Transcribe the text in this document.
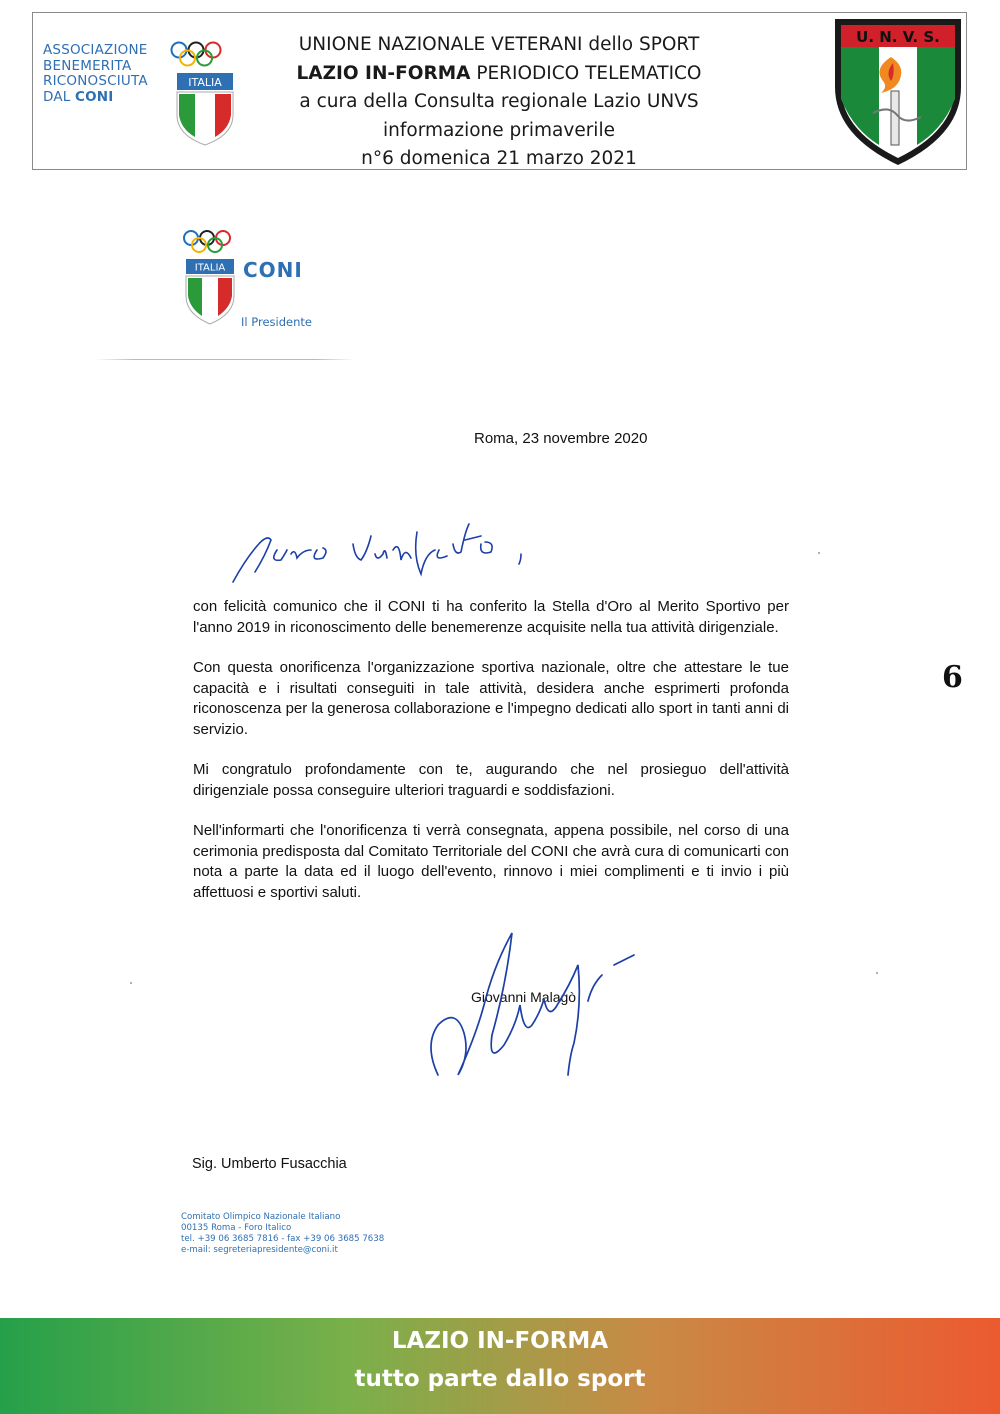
ASSOCIAZIONE
BENEMERITA
RICONOSCIUTA
DAL CONI
ITALIA
UNIONE NAZIONALE VETERANI dello SPORT
LAZIO IN-FORMA PERIODICO TELEMATICO
a cura della Consulta regionale Lazio UNVS
informazione primaverile
n°6 domenica 21 marzo 2021
U. N. V. S.
ITALIA CONI
Il Presidente
Roma, 23 novembre 2020

con felicità comunico che il CONI ti ha conferito la Stella d'Oro al Merito Sportivo per l'anno 2019 in riconoscimento delle benemerenze acquisite nella tua attività dirigenziale.

Con questa onorificenza l'organizzazione sportiva nazionale, oltre che attestare le tue capacità e i risultati conseguiti in tale attività, desidera anche esprimerti profonda riconoscenza per la generosa collaborazione e l'impegno dedicati allo sport in tanti anni di servizio.

Mi congratulo profondamente con te, augurando che nel prosieguo dell'attività dirigenziale possa conseguire ulteriori traguardi e soddisfazioni.

Nell'informarti che l'onorificenza ti verrà consegnata, appena possibile, nel corso di una cerimonia predisposta dal Comitato Territoriale del CONI che avrà cura di comunicarti con nota a parte la data ed il luogo dell'evento, rinnovo i miei complimenti e ti invio i più affettuosi e sportivi saluti.

6
Giovanni Malagò
Sig. Umberto Fusacchia
Comitato Olimpico Nazionale Italiano
00135 Roma - Foro Italico
tel. +39 06 3685 7816 - fax +39 06 3685 7638
e-mail: segreteriapresidente@coni.it
LAZIO IN-FORMA
tutto parte dallo sport
